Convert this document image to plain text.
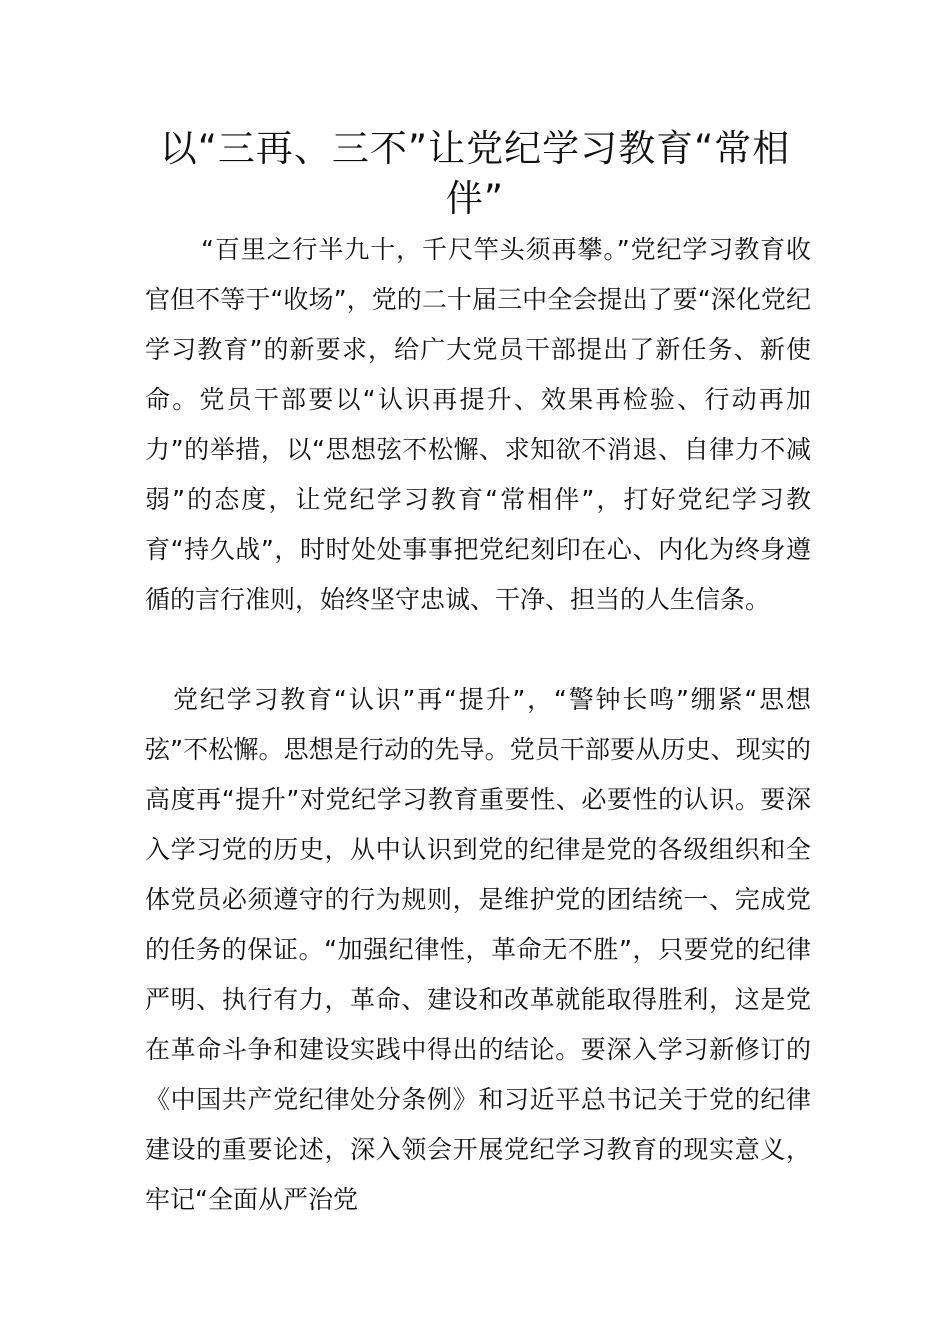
以“三再、三不”让党纪学习教育“常相伴”

“百里之行半九十，千尺竿头须再攀。”党纪学习教育收官但不等于“收场”，党的二十届三中全会提出了要“深化党纪学习教育”的新要求，给广大党员干部提出了新任务、新使命。党员干部要以“认识再提升、效果再检验、行动再加力”的举措，以“思想弦不松懈、求知欲不消退、自律力不减弱”的态度，让党纪学习教育“常相伴”，打好党纪学习教育“持久战”，时时处处事事把党纪刻印在心、内化为终身遵循的言行准则，始终坚守忠诚、干净、担当的人生信条。

党纪学习教育“认识”再“提升”，“警钟长鸣”绷紧“思想弦”不松懈。思想是行动的先导。党员干部要从历史、现实的高度再“提升”对党纪学习教育重要性、必要性的认识。要深入学习党的历史，从中认识到党的纪律是党的各级组织和全体党员必须遵守的行为规则，是维护党的团结统一、完成党的任务的保证。“加强纪律性，革命无不胜”，只要党的纪律严明、执行有力，革命、建设和改革就能取得胜利，这是党在革命斗争和建设实践中得出的结论。要深入学习新修订的《中国共产党纪律处分条例》和习近平总书记关于党的纪律建设的重要论述，深入领会开展党纪学习教育的现实意义，牢记“全面从严治党
